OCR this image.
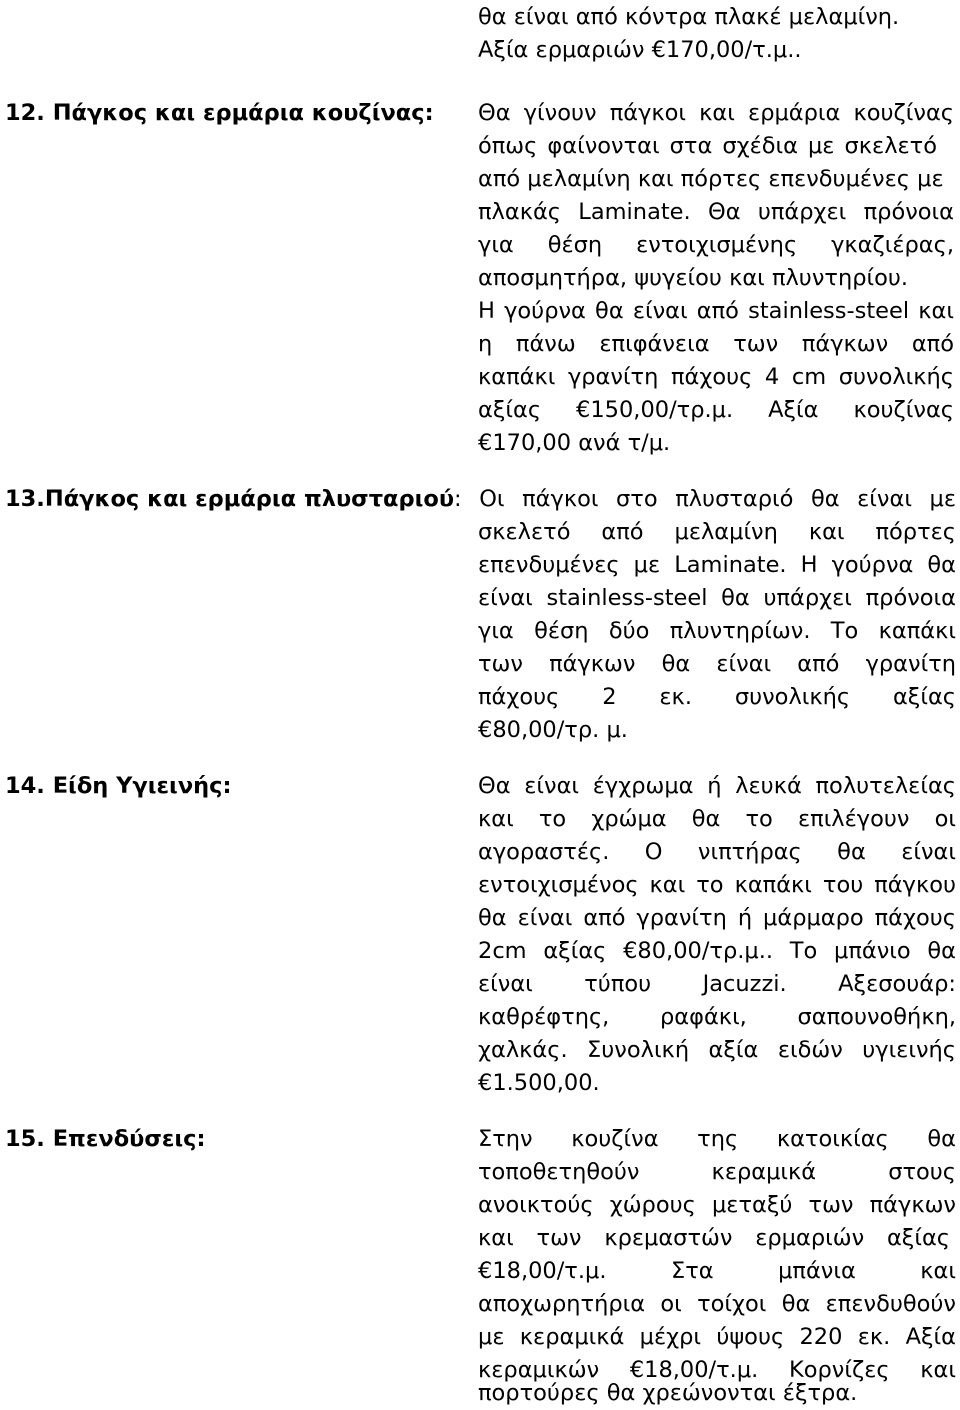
θα είναι από κόντρα πλακέ μελαμίνη.
Αξία ερμαριών €170,00/τ.μ..
12. Πάγκος και ερμάρια κουζίνας: Θα γίνουν πάγκοι και ερμάρια κουζίνας
όπως φαίνονται στα σχέδια με σκελετό
από μελαμίνη και πόρτες επενδυμένες με
πλακάς Laminate. Θα υπάρχει πρόνοια
για θέση εντοιχισμένης γκαζιέρας,
αποσμητήρα, ψυγείου και πλυντηρίου.
Η γούρνα θα είναι από stainless-steel και
η πάνω επιφάνεια των πάγκων από
καπάκι γρανίτη πάχους 4 cm συνολικής
αξίας €150,00/τρ.μ. Αξία κουζίνας
€170,00 ανά τ/μ.
13.Πάγκος και ερμάρια πλυσταριού : Οι πάγκοι στο πλυσταριό θα είναι με
σκελετό από μελαμίνη και πόρτες
επενδυμένες με Laminate. Η γούρνα θα
είναι stainless-steel θα υπάρχει πρόνοια
για θέση δύο πλυντηρίων. Το καπάκι
των πάγκων θα είναι από γρανίτη
πάχους 2 εκ. συνολικής αξίας
€80,00/τρ. μ.
14. Είδη Υγιεινής:	Θα είναι έγχρωμα ή λευκά πολυτελείας
και το χρώμα θα το επιλέγουν οι
αγοραστές. Ο νιπτήρας θα είναι
εντοιχισμένος και το καπάκι του πάγκου
θα είναι από γρανίτη ή μάρμαρο πάχους
2cm αξίας €80,00/τρ.μ.. Το μπάνιο θα
είναι τύπου Jacuzzi. Αξεσουάρ:
καθρέφτης, ραφάκι, σαπουνοθήκη,
χαλκάς. Συνολική αξία ειδών υγιεινής
€1.500,00.
15. Επενδύσεις:	Στην κουζίνα της κατοικίας θα
τοποθετηθούν κεραμικά στους
ανοικτούς χώρους μεταξύ των πάγκων
και των κρεμαστών ερμαριών αξίας
€18,00/τ.μ. Στα μπάνια και
αποχωρητήρια οι τοίχοι θα επενδυθούν
με κεραμικά μέχρι ύψους 220 εκ. Αξία
κεραμικών €18,00/τ.μ. Κορνίζες και
πορτούρες θα χρεώνονται έξτρα.
